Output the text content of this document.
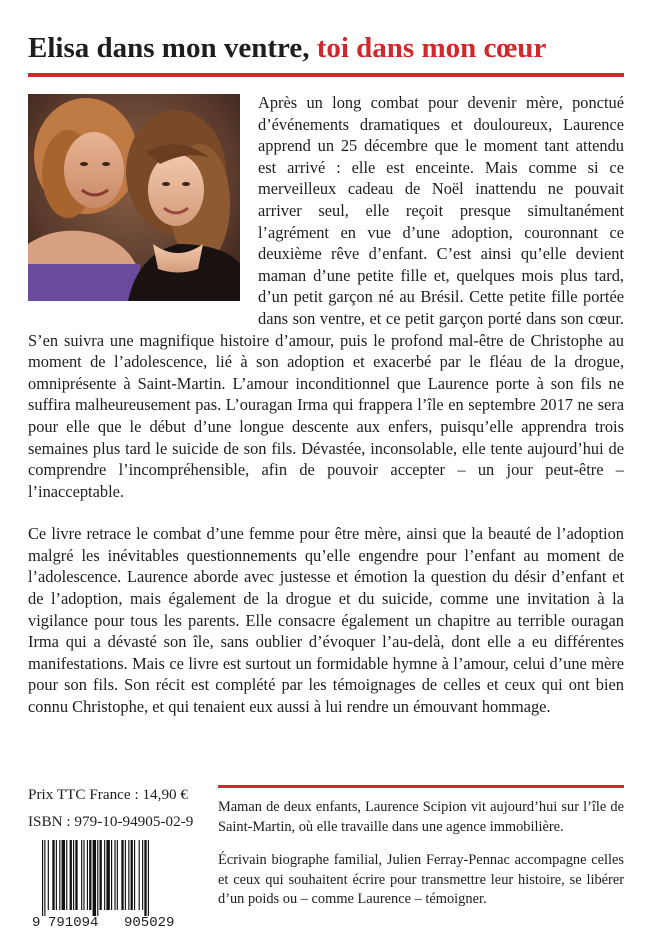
Elisa dans mon ventre, toi dans mon cœur

Après un long combat pour devenir mère, ponctué d’événements dramatiques et douloureux, Laurence apprend un 25 décembre que le moment tant attendu est arrivé : elle est enceinte. Mais comme si ce merveilleux cadeau de Noël inattendu ne pouvait arriver seul, elle reçoit presque simultanément l’agrément en vue d’une adoption, couronnant ce deuxième rêve d’enfant. C’est ainsi qu’elle devient maman d’une petite fille et, quelques mois plus tard, d’un petit garçon né au Brésil. Cette petite fille portée dans son ventre, et ce petit garçon porté dans son cœur. S’en suivra une magnifique histoire d’amour, puis le profond mal-être de Christophe au moment de l’adolescence, lié à son adoption et exacerbé par le fléau de la drogue, omniprésente à Saint-Martin. L’amour inconditionnel que Laurence porte à son fils ne suffira malheureusement pas. L’ouragan Irma qui frappera l’île en septembre 2017 ne sera pour elle que le début d’une longue descente aux enfers, puisqu’elle apprendra trois semaines plus tard le suicide de son fils. Dévastée, inconsolable, elle tente aujourd’hui de comprendre l’incompréhensible, afin de pouvoir accepter – un jour peut-être – l’inacceptable.

Ce livre retrace le combat d’une femme pour être mère, ainsi que la beauté de l’adoption malgré les inévitables questionnements qu’elle engendre pour l’enfant au moment de l’adolescence. Laurence aborde avec justesse et émotion la question du désir d’enfant et de l’adoption, mais également de la drogue et du suicide, comme une invitation à la vigilance pour tous les parents. Elle consacre également un chapitre au terrible ouragan Irma qui a dévasté son île, sans oublier d’évoquer l’au-delà, dont elle a eu différentes manifestations. Mais ce livre est surtout un formidable hymne à l’amour, celui d’une mère pour son fils. Son récit est complété par les témoignages de celles et ceux qui ont bien connu Christophe, et qui tenaient eux aussi à lui rendre un émouvant hommage.

Prix TTC France : 14,90 €
ISBN : 979-10-94905-02-9
9 791094 905029

Maman de deux enfants, Laurence Scipion vit aujourd’hui sur l’île de Saint-Martin, où elle travaille dans une agence immobilière.

Écrivain biographe familial, Julien Ferray-Pennac accompagne celles et ceux qui souhaitent écrire pour transmettre leur histoire, se libérer d’un poids ou – comme Laurence – témoigner.
